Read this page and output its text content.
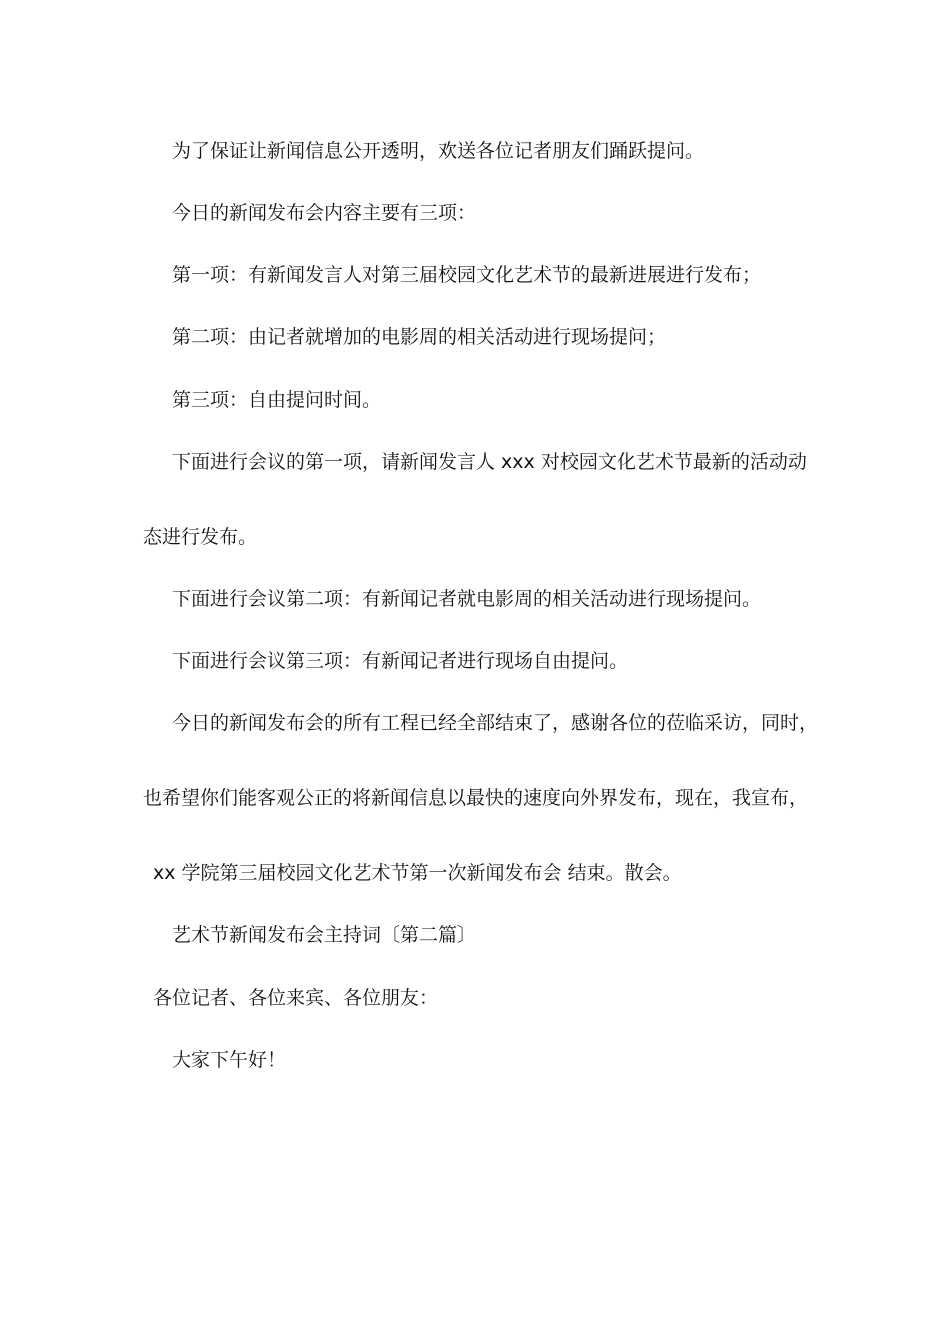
为了保证让新闻信息公开透明，欢送各位记者朋友们踊跃提问。

今日的新闻发布会内容主要有三项：

第一项：有新闻发言人对第三届校园文化艺术节的最新进展进行发布；

第二项：由记者就增加的电影周的相关活动进行现场提问；

第三项：自由提问时间。

下面进行会议的第一项，请新闻发言人 xxx 对校园文化艺术节最新的活动动

态进行发布。

下面进行会议第二项：有新闻记者就电影周的相关活动进行现场提问。

下面进行会议第三项：有新闻记者进行现场自由提问。

今日的新闻发布会的所有工程已经全部结束了，感谢各位的莅临采访，同时，

也希望你们能客观公正的将新闻信息以最快的速度向外界发布，现在，我宣布，

xx 学院第三届校园文化艺术节第一次新闻发布会 结束。散会。

艺术节新闻发布会主持词〔第二篇〕

各位记者、各位来宾、各位朋友：

大家下午好！
